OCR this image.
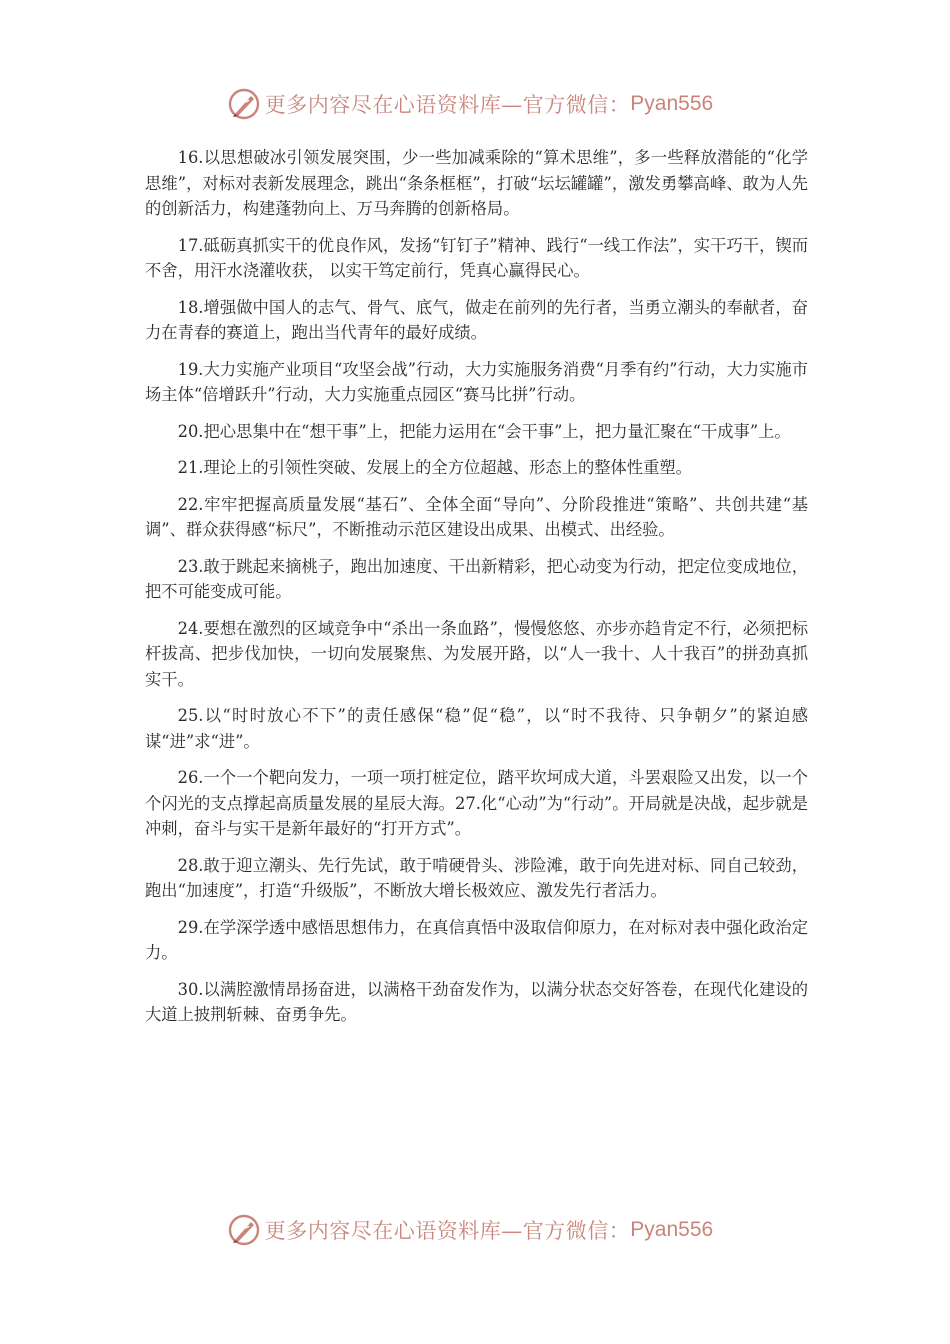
更多内容尽在心语资料库—官方微信： Pyan556

16.以思想破冰引领发展突围，少一些加减乘除的“算术思维”，多一些释放潜能的“化学思维”，对标对表新发展理念，跳出“条条框框”，打破“坛坛罐罐”，激发勇攀高峰、敢为人先的创新活力，构建蓬勃向上、万马奔腾的创新格局。

17.砥砺真抓实干的优良作风，发扬“钉钉子”精神、践行“一线工作法”，实干巧干，锲而不舍，用汗水浇灌收获， 以实干笃定前行，凭真心赢得民心。

18.增强做中国人的志气、骨气、底气，做走在前列的先行者，当勇立潮头的奉献者，奋力在青春的赛道上，跑出当代青年的最好成绩。

19.大力实施产业项目“攻坚会战”行动，大力实施服务消费“月季有约”行动，大力实施市场主体“倍增跃升”行动，大力实施重点园区“赛马比拼”行动。

20.把心思集中在“想干事”上，把能力运用在“会干事”上，把力量汇聚在“干成事”上。

21.理论上的引领性突破、发展上的全方位超越、形态上的整体性重塑。

22.牢牢把握高质量发展“基石”、全体全面“导向”、分阶段推进“策略”、共创共建“基调”、群众获得感“标尺”，不断推动示范区建设出成果、出模式、出经验。

23.敢于跳起来摘桃子，跑出加速度、干出新精彩，把心动变为行动，把定位变成地位，把不可能变成可能。

24.要想在激烈的区域竞争中“杀出一条血路”，慢慢悠悠、亦步亦趋肯定不行，必须把标杆拔高、把步伐加快，一切向发展聚焦、为发展开路，以“人一我十、人十我百”的拼劲真抓实干。

25.以“时时放心不下”的责任感保“稳”促“稳”，以“时不我待、只争朝夕”的紧迫感谋“进”求“进”。

26.一个一个靶向发力，一项一项打桩定位，踏平坎坷成大道，斗罢艰险又出发，以一个个闪光的支点撑起高质量发展的星辰大海。27.化“心动”为“行动”。开局就是决战，起步就是冲刺，奋斗与实干是新年最好的“打开方式”。

28.敢于迎立潮头、先行先试，敢于啃硬骨头、涉险滩，敢于向先进对标、同自己较劲，跑出“加速度”，打造“升级版”，不断放大增长极效应、激发先行者活力。

29.在学深学透中感悟思想伟力，在真信真悟中汲取信仰原力，在对标对表中强化政治定力。

30.以满腔激情昂扬奋进，以满格干劲奋发作为，以满分状态交好答卷，在现代化建设的大道上披荆斩棘、奋勇争先。

更多内容尽在心语资料库—官方微信： Pyan556
